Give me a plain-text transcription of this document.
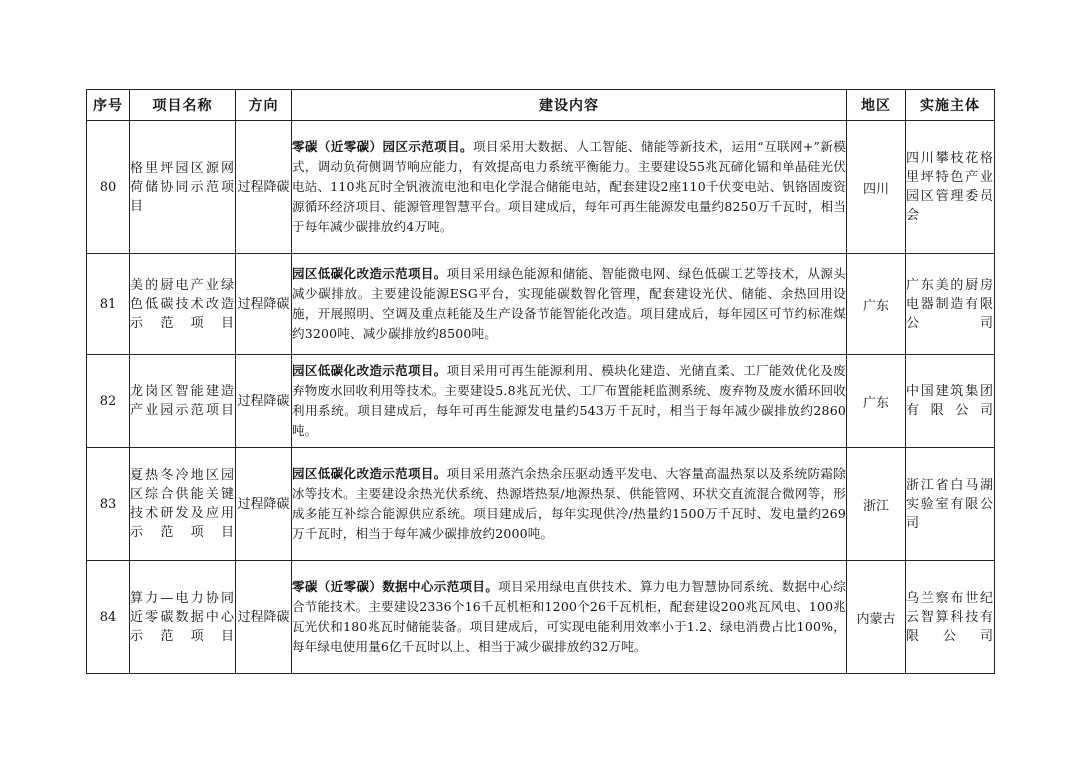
序号	项目名称	方向	建设内容	地区	实施主体
80	格里坪园区源网荷储协同示范项目	过程降碳	零碳（近零碳）园区示范项目。项目采用大数据、人工智能、储能等新技术，运用“互联网+”新模式，调动负荷侧调节响应能力，有效提高电力系统平衡能力。主要建设55兆瓦碲化镉和单晶硅光伏电站、110兆瓦时全钒液流电池和电化学混合储能电站，配套建设2座110千伏变电站、钒铬固废资源循环经济项目、能源管理智慧平台。项目建成后，每年可再生能源发电量约8250万千瓦时，相当于每年减少碳排放约4万吨。	四川	四川攀枝花格里坪特色产业园区管理委员会
81	美的厨电产业绿色低碳技术改造示范项目	过程降碳	园区低碳化改造示范项目。项目采用绿色能源和储能、智能微电网、绿色低碳工艺等技术，从源头减少碳排放。主要建设能源ESG平台，实现能碳数智化管理，配套建设光伏、储能、余热回用设施，开展照明、空调及重点耗能及生产设备节能智能化改造。项目建成后，每年园区可节约标准煤约3200吨、减少碳排放约8500吨。	广东	广东美的厨房电器制造有限公司
82	龙岗区智能建造产业园示范项目	过程降碳	园区低碳化改造示范项目。项目采用可再生能源利用、模块化建造、光储直柔、工厂能效优化及废弃物废水回收利用等技术。主要建设5.8兆瓦光伏、工厂布置能耗监测系统、废弃物及废水循环回收利用系统。项目建成后，每年可再生能源发电量约543万千瓦时，相当于每年减少碳排放约2860吨。	广东	中国建筑集团有限公司
83	夏热冬冷地区园区综合供能关键技术研发及应用示范项目	过程降碳	园区低碳化改造示范项目。项目采用蒸汽余热余压驱动透平发电、大容量高温热泵以及系统防霜除冰等技术。主要建设余热光伏系统、热源塔热泵/地源热泵、供能管网、环状交直流混合微网等，形成多能互补综合能源供应系统。项目建成后，每年实现供冷/热量约1500万千瓦时、发电量约269万千瓦时，相当于每年减少碳排放约2000吨。	浙江	浙江省白马湖实验室有限公司
84	算力—电力协同近零碳数据中心示范项目	过程降碳	零碳（近零碳）数据中心示范项目。项目采用绿电直供技术、算力电力智慧协同系统、数据中心综合节能技术。主要建设2336个16千瓦机柜和1200个26千瓦机柜，配套建设200兆瓦风电、100兆瓦光伏和180兆瓦时储能装备。项目建成后，可实现电能利用效率小于1.2、绿电消费占比100%，每年绿电使用量6亿千瓦时以上、相当于减少碳排放约32万吨。	内蒙古	乌兰察布世纪云智算科技有限公司
